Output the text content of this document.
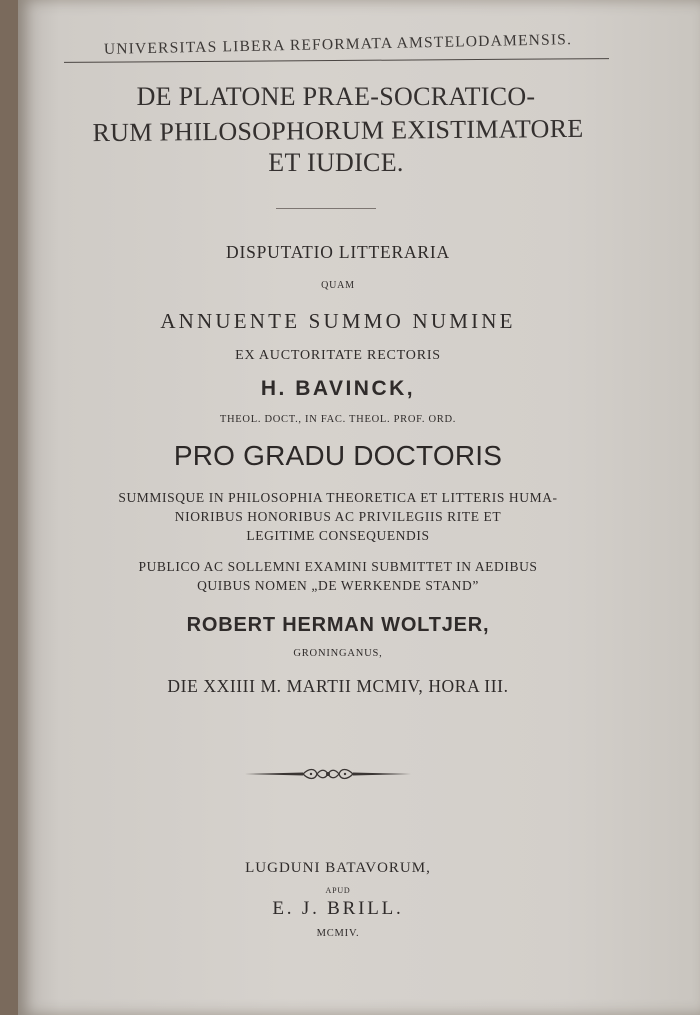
UNIVERSITAS LIBERA REFORMATA AMSTELODAMENSIS.
DE PLATONE PRAE-SOCRATICO-
RUM PHILOSOPHORUM EXISTIMATORE
ET IUDICE.
DISPUTATIO LITTERARIA
QUAM
ANNUENTE SUMMO NUMINE
EX AUCTORITATE RECTORIS
H. BAVINCK,
THEOL. DOCT., IN FAC. THEOL. PROF. ORD.
PRO GRADU DOCTORIS
SUMMISQUE IN PHILOSOPHIA THEORETICA ET LITTERIS HUMA-
NIORIBUS HONORIBUS AC PRIVILEGIIS RITE ET
LEGITIME CONSEQUENDIS
PUBLICO AC SOLLEMNI EXAMINI SUBMITTET IN AEDIBUS
QUIBUS NOMEN „DE WERKENDE STAND”
ROBERT HERMAN WOLTJER,
GRONINGANUS,
DIE XXIIII M. MARTII MCMIV, HORA III.
LUGDUNI BATAVORUM,
APUD
E. J. BRILL.
MCMIV.
